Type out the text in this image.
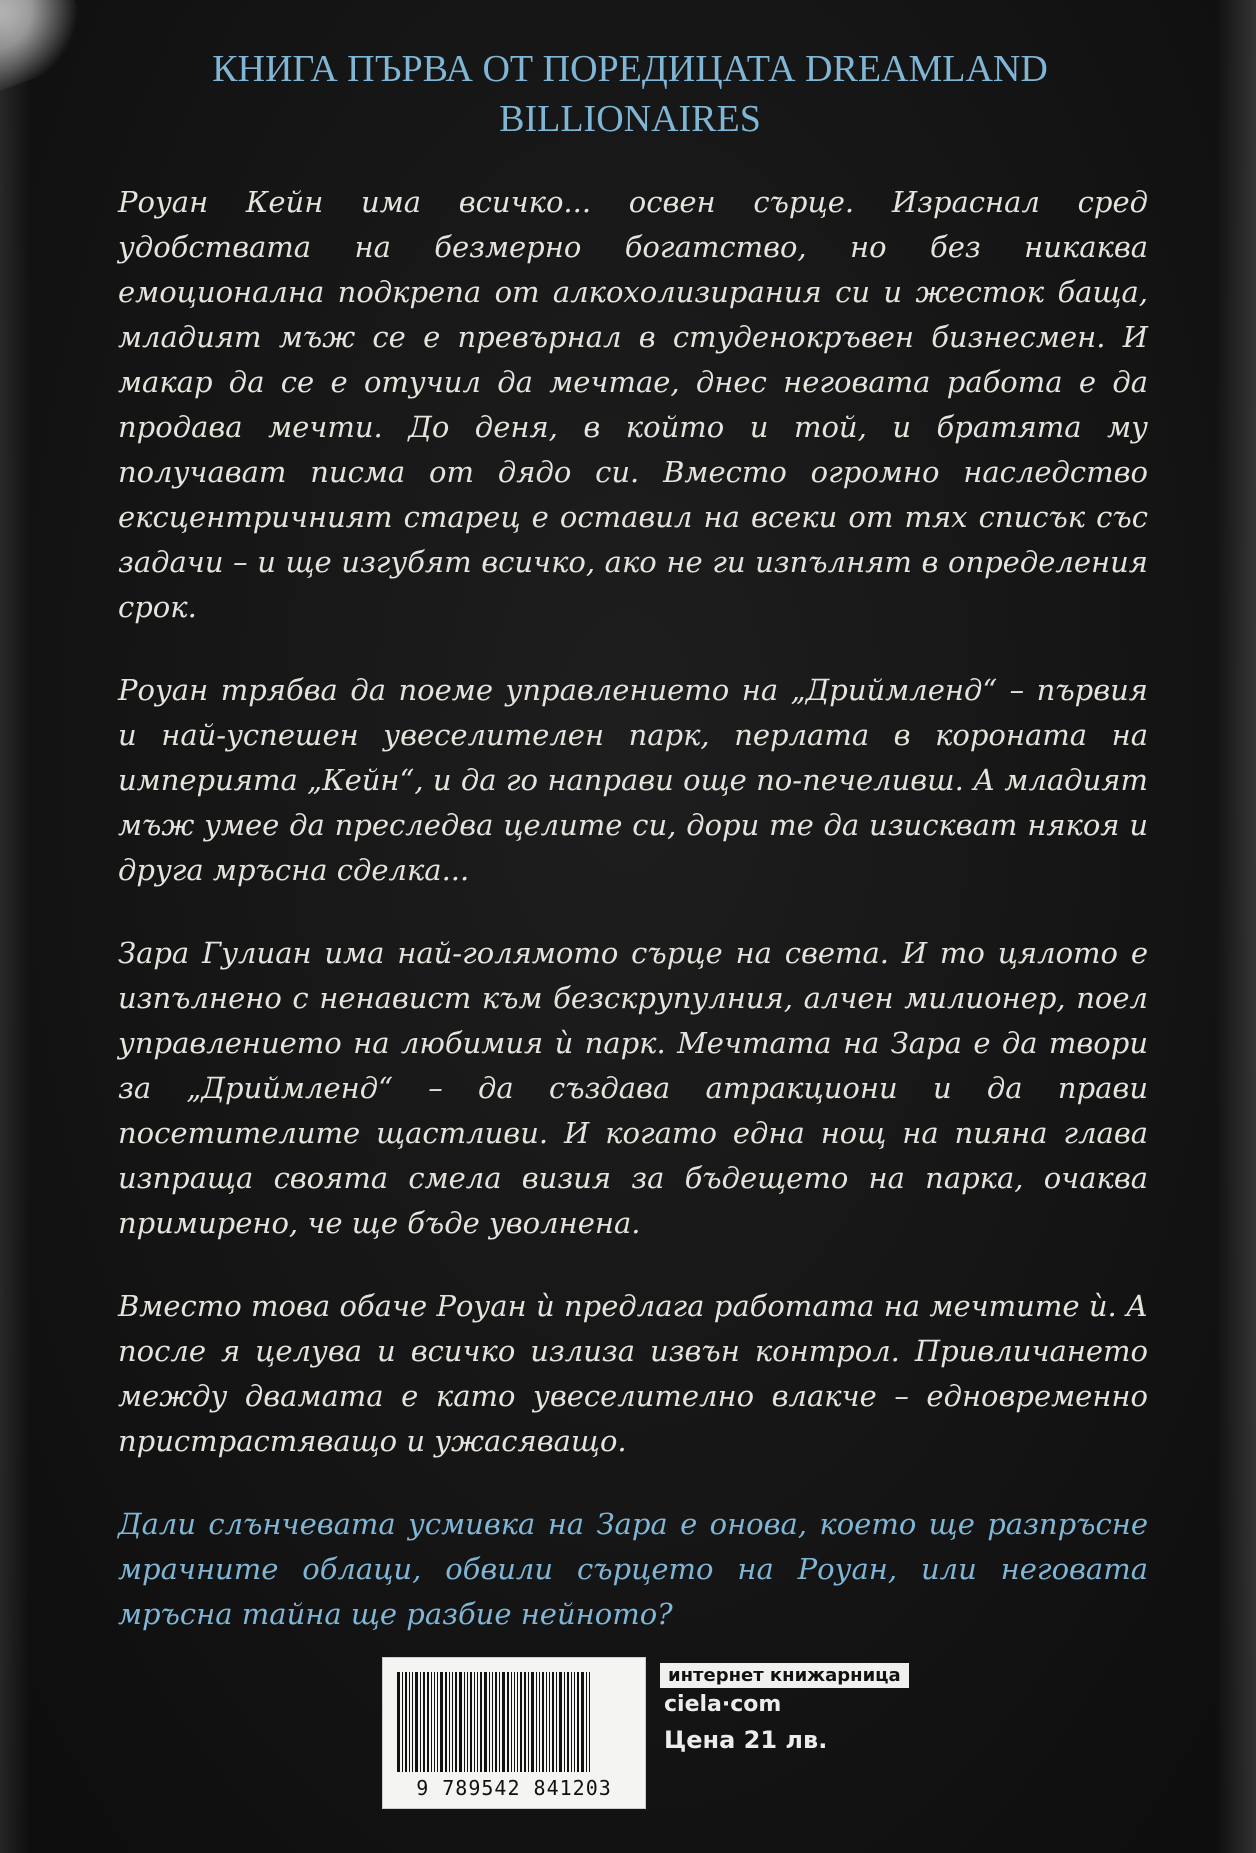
КНИГА ПЪРВА ОТ ПОРЕДИЦАТА DREAMLAND
BILLIONAIRES

Роуан Кейн има всичко... освен сърце. Израснал сред удобствата на безмерно богатство, но без никаква емоционална подкрепа от алкохолизирания си и жесток баща, младият мъж се е превърнал в студенокръвен бизнесмен. И макар да се е отучил да мечтае, днес неговата работа е да продава мечти. До деня, в който и той, и братята му получават писма от дядо си. Вместо огромно наследство ексцентричният старец е оставил на всеки от тях списък със задачи – и ще изгубят всичко, ако не ги изпълнят в определения срок.

Роуан трябва да поеме управлението на „Дриймленд“ – първия и най-успешен увеселителен парк, перлата в короната на империята „Кейн“, и да го направи още по-печеливш. А младият мъж умее да преследва целите си, дори те да изискват някоя и друга мръсна сделка...

Зара Гулиан има най-голямото сърце на света. И то цялото е изпълнено с ненавист към безскрупулния, алчен милионер, поел управлението на любимия ѝ парк. Мечтата на Зара е да твори за „Дриймленд“ – да създава атракциони и да прави посетителите щастливи. И когато една нощ на пияна глава изпраща своята смела визия за бъдещето на парка, очаква примирено, че ще бъде уволнена.

Вместо това обаче Роуан ѝ предлага работата на мечтите ѝ. А после я целува и всичко излиза извън контрол. Привличането между двамата е като увеселително влакче – едновременно пристрастяващо и ужасяващо.

Дали слънчевата усмивка на Зара е онова, което ще разпръсне мрачните облаци, обвили сърцето на Роуан, или неговата мръсна тайна ще разбие нейното?

9 789542 841203
интернет книжарница
ciela·com
Цена 21 лв.
